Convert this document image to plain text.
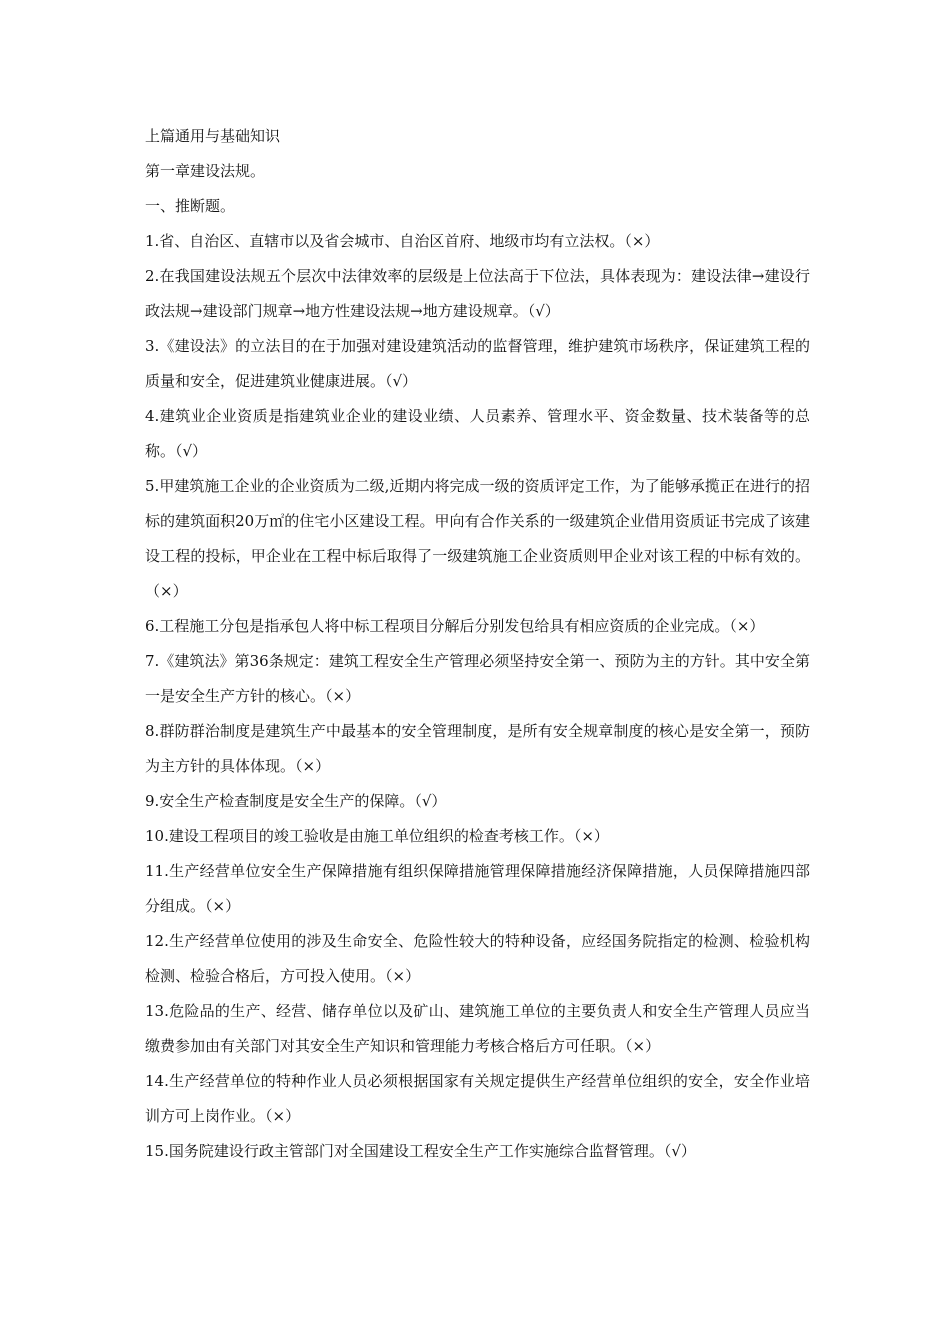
上篇通用与基础知识
第一章建设法规。
一、推断题。
1.省、自治区、直辖市以及省会城市、自治区首府、地级市均有立法权。（×）
2.在我国建设法规五个层次中法律效率的层级是上位法高于下位法，具体表现为：建设法律→建设行政法规→建设部门规章→地方性建设法规→地方建设规章。（√）
3.《建设法》的立法目的在于加强对建设建筑活动的监督管理，维护建筑市场秩序，保证建筑工程的质量和安全，促进建筑业健康进展。（√）
4.建筑业企业资质是指建筑业企业的建设业绩、人员素养、管理水平、资金数量、技术装备等的总称。（√）
5.甲建筑施工企业的企业资质为二级,近期内将完成一级的资质评定工作，为了能够承揽正在进行的招标的建筑面积20万㎡的住宅小区建设工程。甲向有合作关系的一级建筑企业借用资质证书完成了该建设工程的投标，甲企业在工程中标后取得了一级建筑施工企业资质则甲企业对该工程的中标有效的。（×）
6.工程施工分包是指承包人将中标工程项目分解后分别发包给具有相应资质的企业完成。（×）
7.《建筑法》第36条规定：建筑工程安全生产管理必须坚持安全第一、预防为主的方针。其中安全第一是安全生产方针的核心。（×）
8.群防群治制度是建筑生产中最基本的安全管理制度，是所有安全规章制度的核心是安全第一，预防为主方针的具体体现。（×）
9.安全生产检查制度是安全生产的保障。（√）
10.建设工程项目的竣工验收是由施工单位组织的检查考核工作。（×）
11.生产经营单位安全生产保障措施有组织保障措施管理保障措施经济保障措施，人员保障措施四部分组成。（×）
12.生产经营单位使用的涉及生命安全、危险性较大的特种设备，应经国务院指定的检测、检验机构检测、检验合格后，方可投入使用。（×）
13.危险品的生产、经营、储存单位以及矿山、建筑施工单位的主要负责人和安全生产管理人员应当缴费参加由有关部门对其安全生产知识和管理能力考核合格后方可任职。（×）
14.生产经营单位的特种作业人员必须根据国家有关规定提供生产经营单位组织的安全，安全作业培训方可上岗作业。（×）
15.国务院建设行政主管部门对全国建设工程安全生产工作实施综合监督管理。（√）
